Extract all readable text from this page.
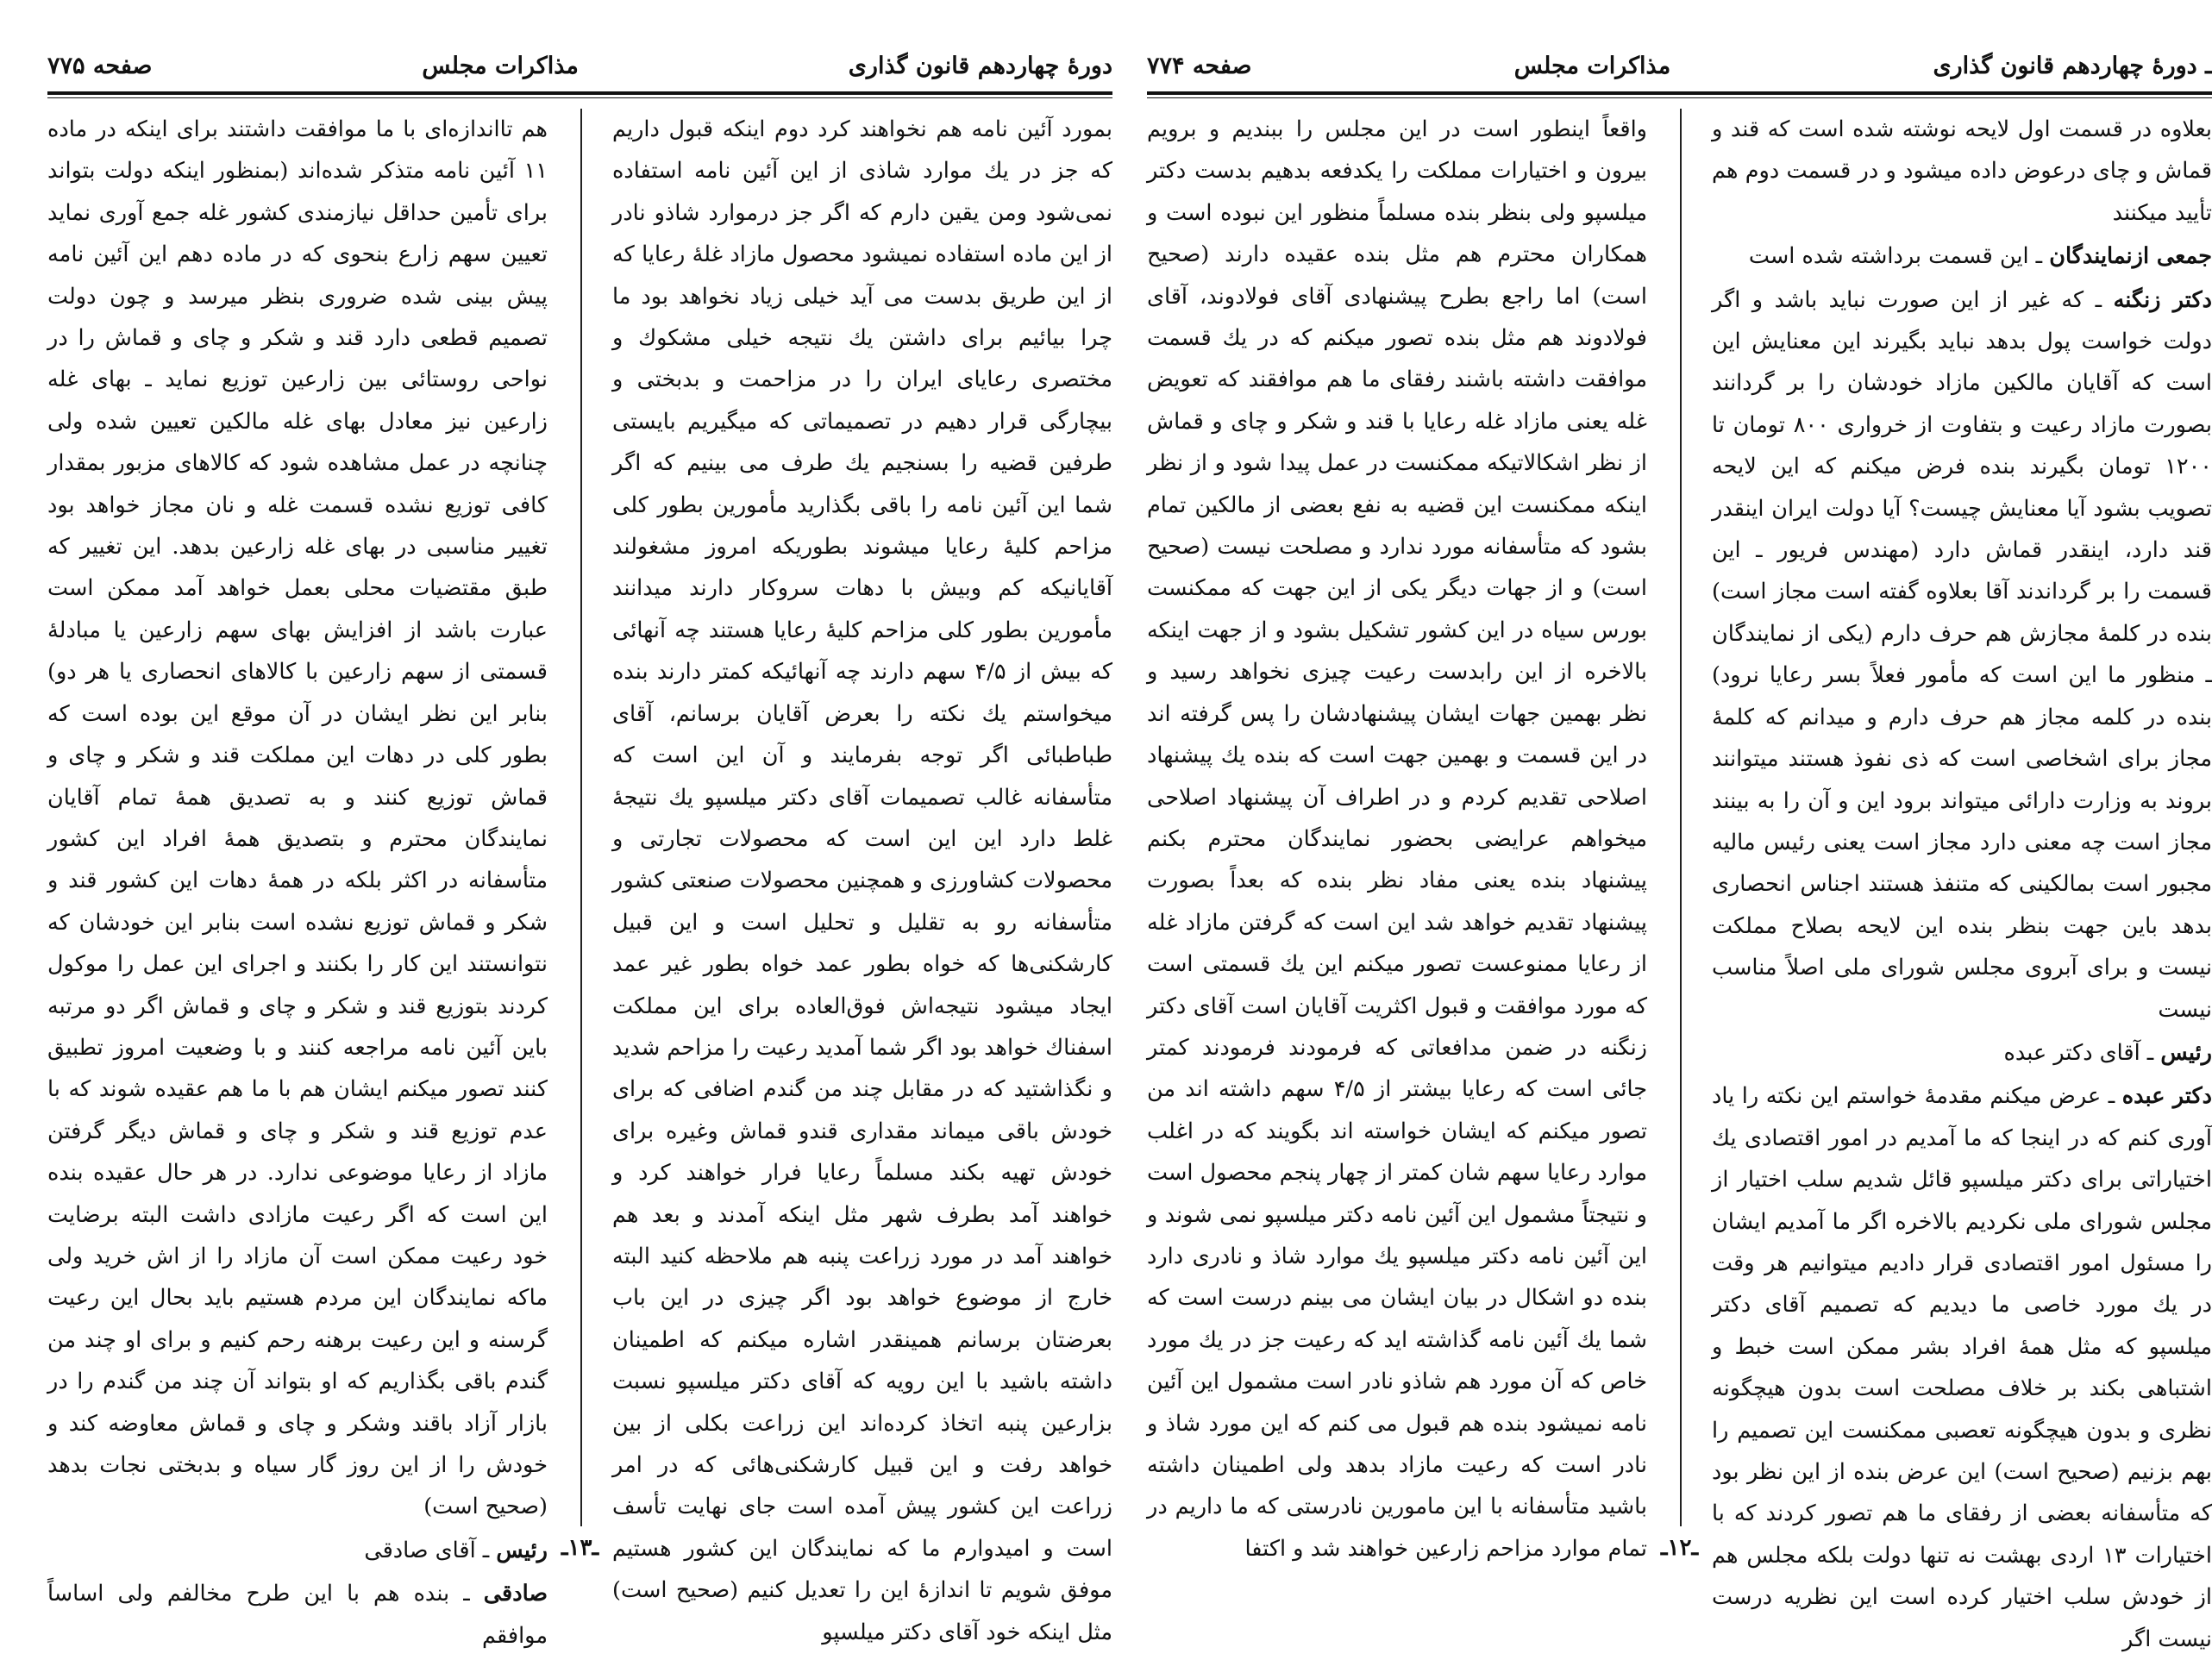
دورهٔ چهاردهم قانون گذاری
مذاکرات مجلس
صفحه ۷۷۵

بمورد آئین نامه هم نخواهند کرد دوم اینکه قبول داریم که جز در یك موارد شاذی از این آئین نامه استفاده نمی‌شود ومن یقین دارم که اگر جز درموارد شاذو نادر از این ماده استفاده نمیشود محصول مازاد غلهٔ رعایا که از این طریق بدست می آید خیلی زیاد نخواهد بود ما چرا بیائیم برای داشتن یك نتیجه خیلی مشکوك و مختصری رعایای ایران را در مزاحمت و بدبختی و بیچارگی قرار دهیم در تصمیماتی که میگیریم بایستی طرفین قضیه را بسنجیم یك طرف می بینیم که اگر شما این آئین نامه را باقی بگذارید مأمورین بطور کلی مزاحم کلیهٔ رعایا میشوند بطوریکه امروز مشغولند آقایانیکه کم وبیش با دهات سروکار دارند میدانند مأمورین بطور کلی مزاحم کلیهٔ رعایا هستند چه آنهائی که بیش از ۴/۵ سهم دارند چه آنهائیکه کمتر دارند بنده میخواستم یك نکته را بعرض آقایان برسانم، آقای طباطبائی اگر توجه بفرمایند و آن این است که متأسفانه غالب تصمیمات آقای دکتر میلسپو یك نتیجهٔ غلط دارد این این است که محصولات تجارتی و محصولات کشاورزی و همچنین محصولات صنعتی کشور متأسفانه رو به تقلیل و تحلیل است و این قبیل کارشکنی‌ها که خواه بطور عمد خواه بطور غیر عمد ایجاد میشود نتیجه‌اش فوق‌العاده برای این مملکت اسفناك خواهد بود اگر شما آمدید رعیت را مزاحم شدید و نگذاشتید که در مقابل چند من گندم اضافی که برای خودش باقی میماند مقداری قندو قماش وغیره برای خودش تهیه بکند مسلماً رعایا فرار خواهند کرد و خواهند آمد بطرف شهر مثل اینکه آمدند و بعد هم خواهند آمد در مورد زراعت پنبه هم ملاحظه کنید البته خارج از موضوع خواهد بود اگر چیزی در این باب بعرضتان برسانم همینقدر اشاره میکنم که اطمینان داشته باشید با این رویه که آقای دکتر میلسپو نسبت بزارعین پنبه اتخاذ کرده‌اند این زراعت بکلی از بین خواهد رفت و این قبیل کارشکنی‌هائی که در امر زراعت این کشور پیش آمده است جای نهایت تأسف است و امیدوارم ما که نمایندگان این کشور هستیم موفق شویم تا اندازهٔ این را تعدیل کنیم (صحیح است) مثل اینکه خود آقای دکتر میلسپو

هم تااندازه‌ای با ما موافقت داشتند برای اینکه در ماده ۱۱ آئین نامه متذکر شده‌اند (بمنظور اینکه دولت بتواند برای تأمین حداقل نیازمندی کشور غله جمع آوری نماید تعیین سهم زارع بنحوی که در ماده دهم این آئین نامه پیش بینی شده ضروری بنظر میرسد و چون دولت تصمیم قطعی دارد قند و شکر و چای و قماش را در نواحی روستائی بین زارعین توزیع نماید ـ بهای غله زارعین نیز معادل بهای غله مالکین تعیین شده ولی چنانچه در عمل مشاهده شود که کالاهای مزبور بمقدار کافی توزیع نشده قسمت غله و نان مجاز خواهد بود تغییر مناسبی در بهای غله زارعین بدهد. این تغییر که طبق مقتضیات محلی بعمل خواهد آمد ممکن است عبارت باشد از افزایش بهای سهم زارعین یا مبادلهٔ قسمتی از سهم زارعین با کالاهای انحصاری یا هر دو) بنابر این نظر ایشان در آن موقع این بوده است که بطور کلی در دهات این مملکت قند و شکر و چای و قماش توزیع کنند و به تصدیق همهٔ تمام آقایان نمایندگان محترم و بتصدیق همهٔ افراد این کشور متأسفانه در اکثر بلکه در همهٔ دهات این کشور قند و شکر و قماش توزیع نشده است بنابر این خودشان که نتوانستند این کار را بکنند و اجرای این عمل را موکول کردند بتوزیع قند و شکر و چای و قماش اگر دو مرتبه باین آئین نامه مراجعه کنند و با وضعیت امروز تطبیق کنند تصور میکنم ایشان هم با ما هم عقیده شوند که با عدم توزیع قند و شکر و چای و قماش دیگر گرفتن مازاد از رعایا موضوعی ندارد. در هر حال عقیده بنده این است که اگر رعیت مازادی داشت البته برضایت خود رعیت ممکن است آن مازاد را از اش خرید ولی ماکه نمایندگان این مردم هستیم باید بحال این رعیت گرسنه و این رعیت برهنه رحم کنیم و برای او چند من گندم باقی بگذاریم که او بتواند آن چند من گندم را در بازار آزاد باقند وشکر و چای و قماش معاوضه کند و خودش را از این روز گار سیاه و بدبختی نجات بدهد (صحیح است)

رئیس ـ آقای صادقی

صادقی ـ بنده هم با این طرح مخالفم ولی اساساً موافقم

ـ۱۳ـ
ـ دورهٔ چهاردهم قانون گذاری
مذاکرات مجلس
صفحه ۷۷۴

بعلاوه در قسمت اول لایحه نوشته شده است که قند و قماش و چای درعوض داده میشود و در قسمت دوم هم تأیید میکنند

جمعی ازنمایندگان ـ این قسمت برداشته شده است

دکتر زنگنه ـ که غیر از این صورت نباید باشد و اگر دولت خواست پول بدهد نباید بگیرند این معنایش این است که آقایان مالکین مازاد خودشان را بر گردانند بصورت مازاد رعیت و بتفاوت از خرواری ۸۰۰ تومان تا ۱۲۰۰ تومان بگیرند بنده فرض میکنم که این لایحه تصویب بشود آیا معنایش چیست؟ آیا دولت ایران اینقدر قند دارد، اینقدر قماش دارد (مهندس فریور ـ این قسمت را بر گرداندند آقا بعلاوه گفته است مجاز است) بنده در کلمهٔ مجازش هم حرف دارم (یکی از نمایندگان ـ منظور ما این است که مأمور فعلاً بسر رعایا نرود) بنده در کلمه مجاز هم حرف دارم و میدانم که کلمهٔ مجاز برای اشخاصی است که ذی نفوذ هستند میتوانند بروند به وزارت دارائی میتواند برود این و آن را به بینند مجاز است چه معنی دارد مجاز است یعنی رئیس مالیه مجبور است بمالکینی که متنفذ هستند اجناس انحصاری بدهد باین جهت بنظر بنده این لایحه بصلاح مملکت نیست و برای آبروی مجلس شورای ملی اصلاً مناسب نیست

رئیس ـ آقای دکتر عبده

دکتر عبده ـ عرض میکنم مقدمهٔ خواستم این نکته را یاد آوری کنم که در اینجا که ما آمدیم در امور اقتصادی یك اختیاراتی برای دکتر میلسپو قائل شدیم سلب اختیار از مجلس شورای ملی نکردیم بالاخره اگر ما آمدیم ایشان را مسئول امور اقتصادی قرار دادیم میتوانیم هر وقت در یك مورد خاصی ما دیدیم که تصمیم آقای دکتر میلسپو که مثل همهٔ افراد بشر ممکن است خبط و اشتباهی بکند بر خلاف مصلحت است بدون هیچگونه نظری و بدون هیچگونه تعصبی ممکنست این تصمیم را بهم بزنیم (صحیح است) این عرض بنده از این نظر بود که متأسفانه بعضی از رفقای ما هم تصور کردند که با اختیارات ۱۳ اردی بهشت نه تنها دولت بلکه مجلس هم از خودش سلب اختیار کرده است این نظریه درست نیست اگر

واقعاً اینطور است در این مجلس را ببندیم و برویم بیرون و اختیارات مملکت را یکدفعه بدهیم بدست دکتر میلسپو ولی بنظر بنده مسلماً منظور این نبوده است و همکاران محترم هم مثل بنده عقیده دارند (صحیح است) اما راجع بطرح پیشنهادی آقای فولادوند، آقای فولادوند هم مثل بنده تصور میکنم که در یك قسمت موافقت داشته باشند رفقای ما هم موافقند که تعویض غله یعنی مازاد غله رعایا با قند و شکر و چای و قماش از نظر اشکالاتیکه ممکنست در عمل پیدا شود و از نظر اینکه ممکنست این قضیه به نفع بعضی از مالکین تمام بشود که متأسفانه مورد ندارد و مصلحت نیست (صحیح است) و از جهات دیگر یکی از این جهت که ممکنست بورس سیاه در این کشور تشکیل بشود و از جهت اینکه بالاخره از این رابدست رعیت چیزی نخواهد رسید و نظر بهمین جهات ایشان پیشنهادشان را پس گرفته اند در این قسمت و بهمین جهت است که بنده یك پیشنهاد اصلاحی تقدیم کردم و در اطراف آن پیشنهاد اصلاحی میخواهم عرایضی بحضور نمایندگان محترم بکنم پیشنهاد بنده یعنی مفاد نظر بنده که بعداً بصورت پیشنهاد تقدیم خواهد شد این است که گرفتن مازاد غله از رعایا ممنوعست تصور میکنم این یك قسمتی است که مورد موافقت و قبول اکثریت آقایان است آقای دکتر زنگنه در ضمن مدافعاتی که فرمودند فرمودند کمتر جائی است که رعایا بیشتر از ۴/۵ سهم داشته اند من تصور میکنم که ایشان خواسته اند بگویند که در اغلب موارد رعایا سهم شان کمتر از چهار پنجم محصول است و نتیجتاً مشمول این آئین نامه دکتر میلسپو نمی شوند و این آئین نامه دکتر میلسپو یك موارد شاذ و نادری دارد بنده دو اشکال در بیان ایشان می بینم درست است که شما یك آئین نامه گذاشته اید که رعیت جز در یك مورد خاص که آن مورد هم شاذو نادر است مشمول این آئین نامه نمیشود بنده هم قبول می کنم که این مورد شاذ و نادر است که رعیت مازاد بدهد ولی اطمینان داشته باشید متأسفانه با این مامورین نادرستی که ما داریم در تمام موارد مزاحم زارعین خواهند شد و اکتفا ـ۱۲ـ
